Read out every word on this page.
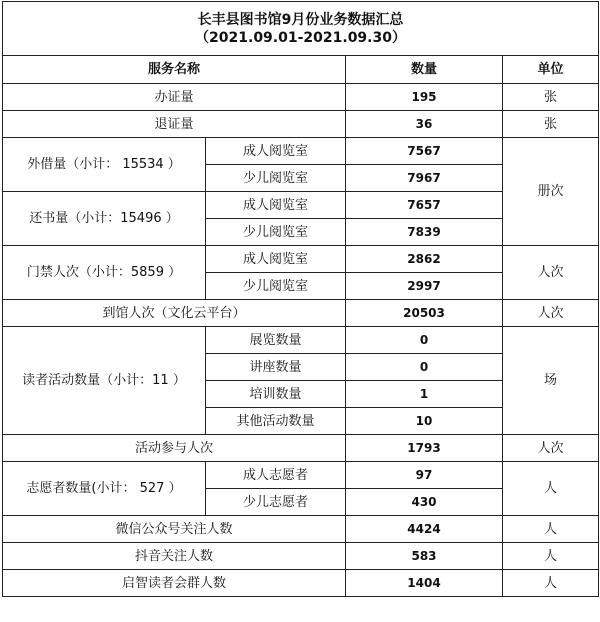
长丰县图书馆9月份业务数据汇总
（2021.09.01-2021.09.30）			

服务名称		数量	单位
办证量		195	张
退证量		36	张
外借量（小计： 15534 ）	成人阅览室	7567	册次
	少儿阅览室	7967	
还书量（小计：15496 ）	成人阅览室	7657	
	少儿阅览室	7839	
门禁人次（小计：5859 ）	成人阅览室	2862	人次
	少儿阅览室	2997	
到馆人次（文化云平台）		20503	人次
读者活动数量（小计：11 ）	展览数量	0	场
	讲座数量	0	
	培训数量	1	
	其他活动数量	10	
活动参与人次		1793	人次
志愿者数量(小计： 527 ）	成人志愿者	97	人
	少儿志愿者	430	
微信公众号关注人数		4424	人
抖音关注人数		583	人
启智读者会群人数		1404	人
